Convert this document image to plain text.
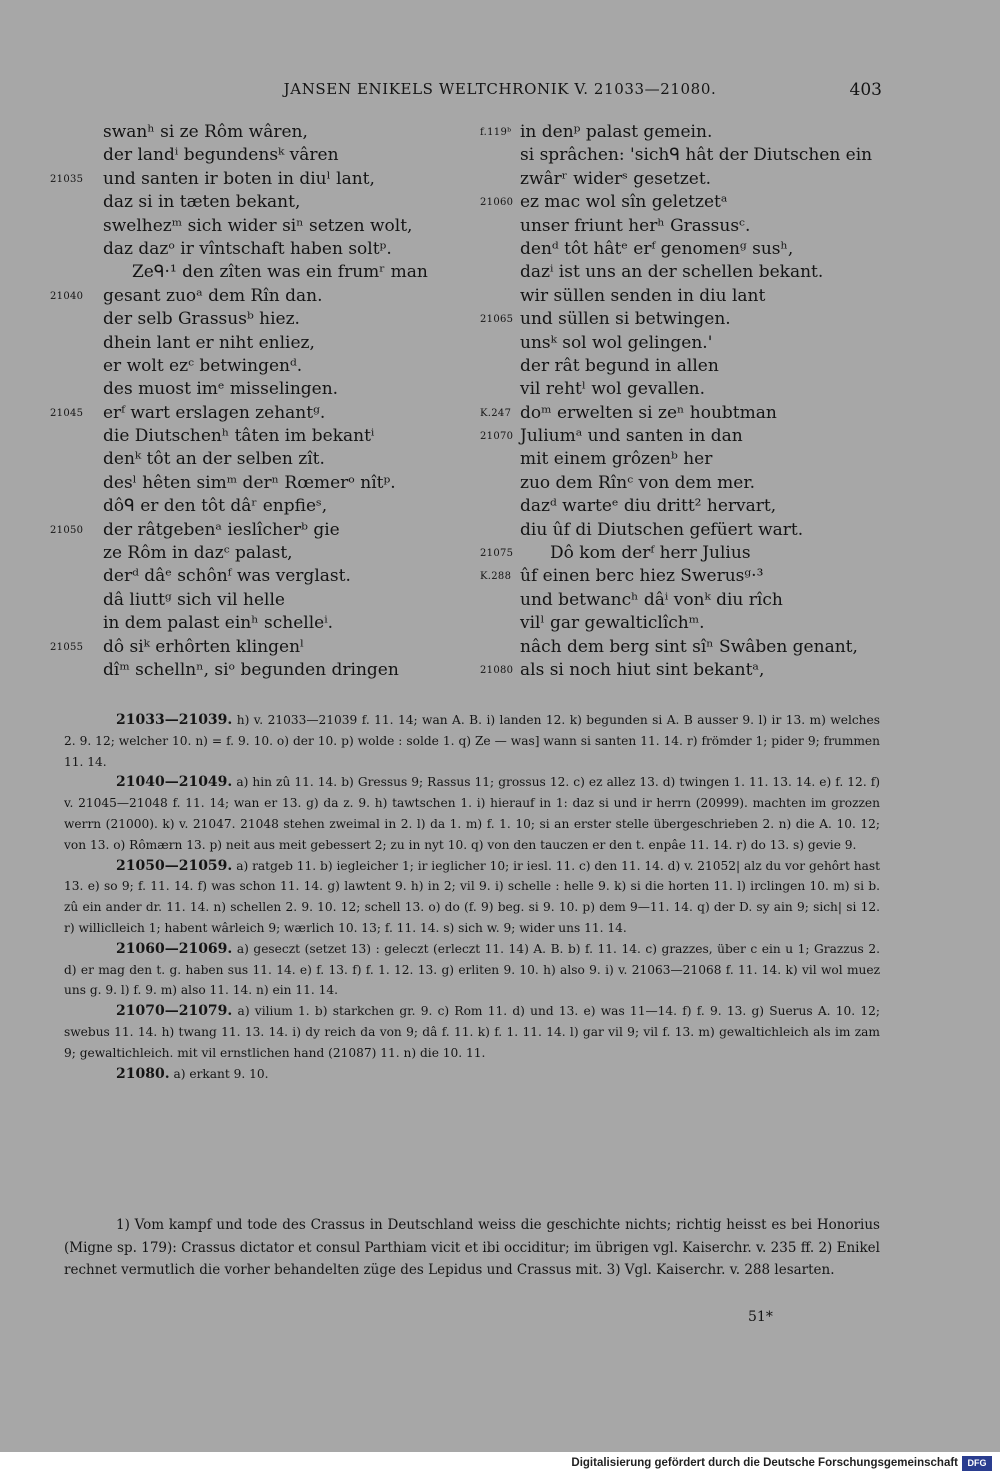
JANSEN ENIKELS WELTCHRONIK V. 21033—21080.	403
swanʰ si ze Rôm wâren,
der landⁱ begundensᵏ vâren
21035 und santen ir boten in diuˡ lant,
daz si in tæten bekant,
swelhezᵐ sich wider siⁿ setzen wolt,
daz dazᵒ ir vîntschaft haben soltᵖ.
Zeᑫ·¹ den zîten was ein frumʳ man
21040 gesant zuoᵃ dem Rîn dan.
der selb Grassusᵇ hiez.
dhein lant er niht enliez,
er wolt ezᶜ betwingenᵈ.
des muost imᵉ misselingen.
21045 erᶠ wart erslagen zehantᵍ.
die Diutschenʰ tâten im bekantⁱ
denᵏ tôt an der selben zît.
desˡ hêten simᵐ derⁿ Rœmerᵒ nîtᵖ.
dôᑫ er den tôt dâʳ enpfieˢ,
21050 der râtgebenᵃ ieslîcherᵇ gie
ze Rôm in dazᶜ palast,
derᵈ dâᵉ schônᶠ was verglast.
dâ liuttᵍ sich vil helle
in dem palast einʰ schelleⁱ.
21055 dô siᵏ erhôrten klingenˡ
dîᵐ schellnⁿ, siᵒ begunden dringen
f.119ᵇ in denᵖ palast gemein.
si sprâchen: 'sichᑫ hât der Diutschen ein
zwârʳ widerˢ gesetzet.
21060 ez mac wol sîn geletzetᵃ
unser friunt herʰ Grassusᶜ.
denᵈ tôt hâtᵉ erᶠ genomenᵍ susʰ,
dazⁱ ist uns an der schellen bekant.
wir süllen senden in diu lant
21065 und süllen si betwingen.
unsᵏ sol wol gelingen.'
der rât begund in allen
vil rehtˡ wol gevallen.
K.247 doᵐ erwelten si zeⁿ houbtman
21070 Juliumᵃ und santen in dan
mit einem grôzenᵇ her
zuo dem Rînᶜ von dem mer.
dazᵈ warteᵉ diu dritt² hervart,
diu ûf di Diutschen gefüert wart.
21075 Dô kom derᶠ herr Julius
K.288 ûf einen berc hiez Swerusᵍ·³
und betwancʰ dâⁱ vonᵏ diu rîch
vilˡ gar gewalticlîchᵐ.
nâch dem berg sint sîⁿ Swâben genant,
21080 als si noch hiut sint bekantᵃ,

21033—21039. h) v. 21033—21039 f. 11. 14; wan A. B. i) landen 12. k) begunden si A. B ausser 9. l) ir 13. m) welches 2. 9. 12; welcher 10. n) = f. 9. 10. o) der 10. p) wolde : solde 1. q) Ze — was] wann si santen 11. 14. r) frömder 1; pider 9; frummen 11. 14.

21040—21049. a) hin zû 11. 14. b) Gressus 9; Rassus 11; grossus 12. c) ez allez 13. d) twingen 1. 11. 13. 14. e) f. 12. f) v. 21045—21048 f. 11. 14; wan er 13. g) da z. 9. h) tawtschen 1. i) hierauf in 1: daz si und ir herrn (20999). machten im grozzen werrn (21000). k) v. 21047. 21048 stehen zweimal in 2. l) da 1. m) f. 1. 10; si an erster stelle übergeschrieben 2. n) die A. 10. 12; von 13. o) Rômærn 13. p) neit aus meit gebessert 2; zu in nyt 10. q) von den tauczen er den t. enpâe 11. 14. r) do 13. s) gevie 9.

21050—21059. a) ratgeb 11. b) iegleicher 1; ir ieglicher 10; ir iesl. 11. c) den 11. 14. d) v. 21052| alz du vor gehôrt hast 13. e) so 9; f. 11. 14. f) was schon 11. 14. g) lawtent 9. h) in 2; vil 9. i) schelle : helle 9. k) si die horten 11. l) irclingen 10. m) si b. zû ein ander dr. 11. 14. n) schellen 2. 9. 10. 12; schell 13. o) do (f. 9) beg. si 9. 10. p) dem 9—11. 14. q) der D. sy ain 9; sich| si 12. r) williclleich 1; habent wârleich 9; wærlich 10. 13; f. 11. 14. s) sich w. 9; wider uns 11. 14.

21060—21069. a) geseczt (setzet 13) : geleczt (erleczt 11. 14) A. B. b) f. 11. 14. c) grazzes, über c ein u 1; Grazzus 2. d) er mag den t. g. haben sus 11. 14. e) f. 13. f) f. 1. 12. 13. g) erliten 9. 10. h) also 9. i) v. 21063—21068 f. 11. 14. k) vil wol muez uns g. 9. l) f. 9. m) also 11. 14. n) ein 11. 14.

21070—21079. a) vilium 1. b) starkchen gr. 9. c) Rom 11. d) und 13. e) was 11—14. f) f. 9. 13. g) Suerus A. 10. 12; swebus 11. 14. h) twang 11. 13. 14. i) dy reich da von 9; dâ f. 11. k) f. 1. 11. 14. l) gar vil 9; vil f. 13. m) gewaltichleich als im zam 9; gewaltichleich. mit vil ernstlichen hand (21087) 11. n) die 10. 11.

21080. a) erkant 9. 10.

1) Vom kampf und tode des Crassus in Deutschland weiss die geschichte nichts; richtig heisst es bei Honorius (Migne sp. 179): Crassus dictator et consul Parthiam vicit et ibi occiditur; im übrigen vgl. Kaiserchr. v. 235 ff. 2) Enikel rechnet vermutlich die vorher behandelten züge des Lepidus und Crassus mit. 3) Vgl. Kaiserchr. v. 288 lesarten.

51*
Digitalisierung gefördert durch die Deutsche Forschungsgemeinschaft	DFG
